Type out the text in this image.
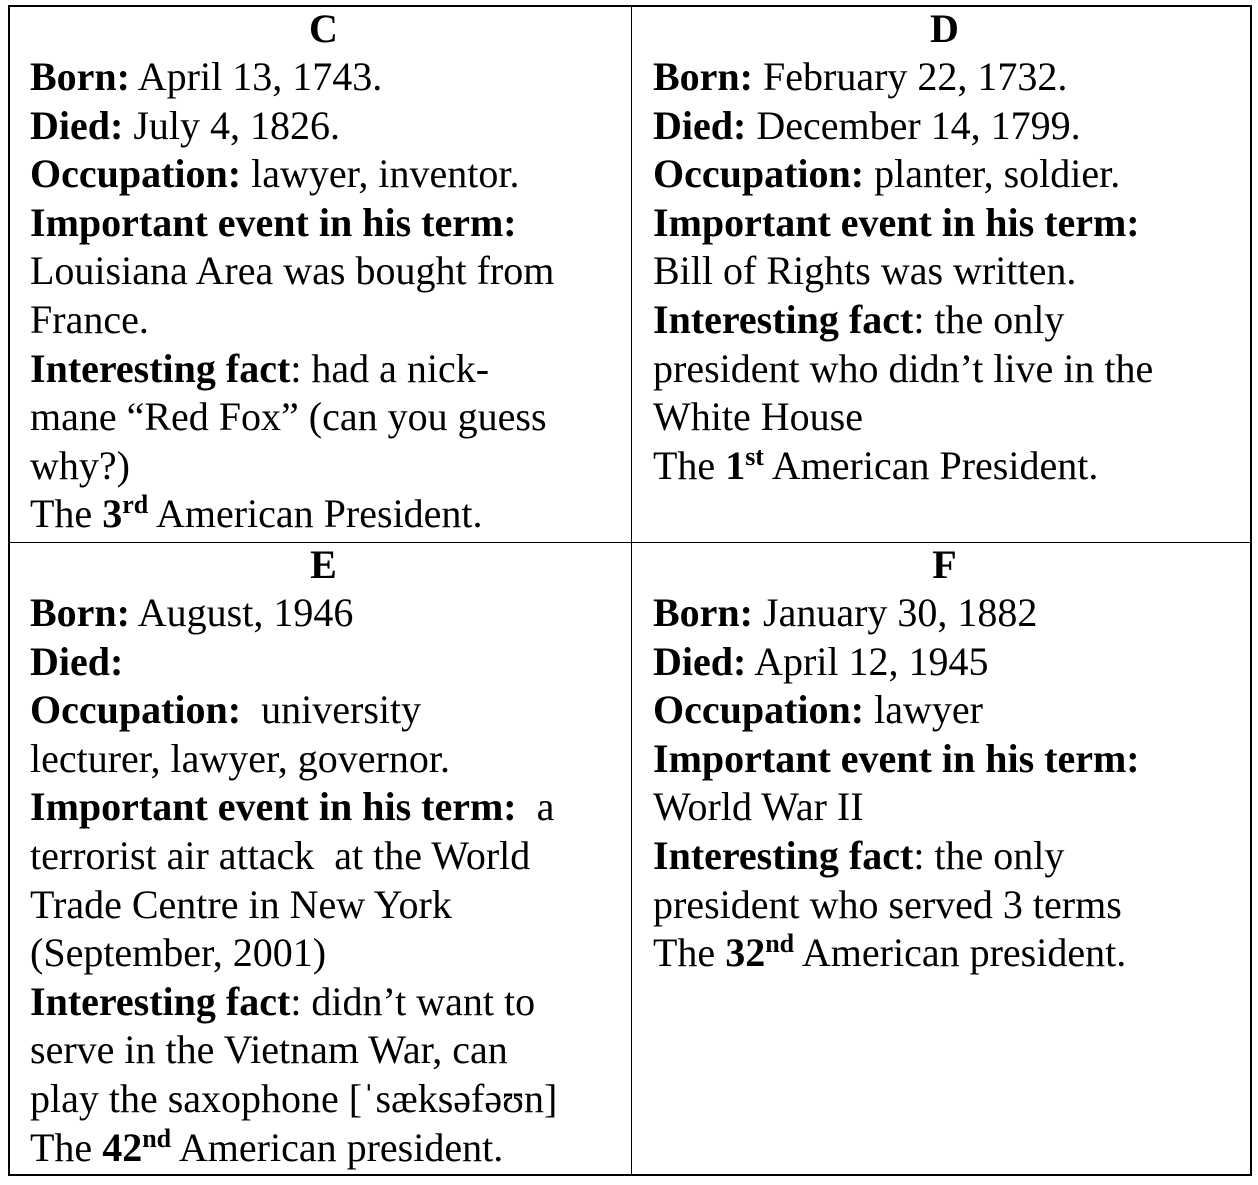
C
Born: April 13, 1743.
Died: July 4, 1826.
Occupation: lawyer, inventor.
Important event in his term:
Louisiana Area was bought from
France.
Interesting fact: had a nick-
mane “Red Fox” (can you guess
why?)
The 3rd American President.
D
Born: February 22, 1732.
Died: December 14, 1799.
Occupation: planter, soldier.
Important event in his term:
Bill of Rights was written.
Interesting fact: the only
president who didn’t live in the
White House
The 1st American President.
E
Born: August, 1946
Died:
Occupation:  university
lecturer, lawyer, governor.
Important event in his term:  a
terrorist air attack  at the World
Trade Centre in New York
(September, 2001)
Interesting fact: didn’t want to
serve in the Vietnam War, can
play the saxophone [ˈsæksəfəʊn]
The 42nd American president.
F
Born: January 30, 1882
Died: April 12, 1945
Occupation: lawyer
Important event in his term:
World War II
Interesting fact: the only
president who served 3 terms
The 32nd American president.
